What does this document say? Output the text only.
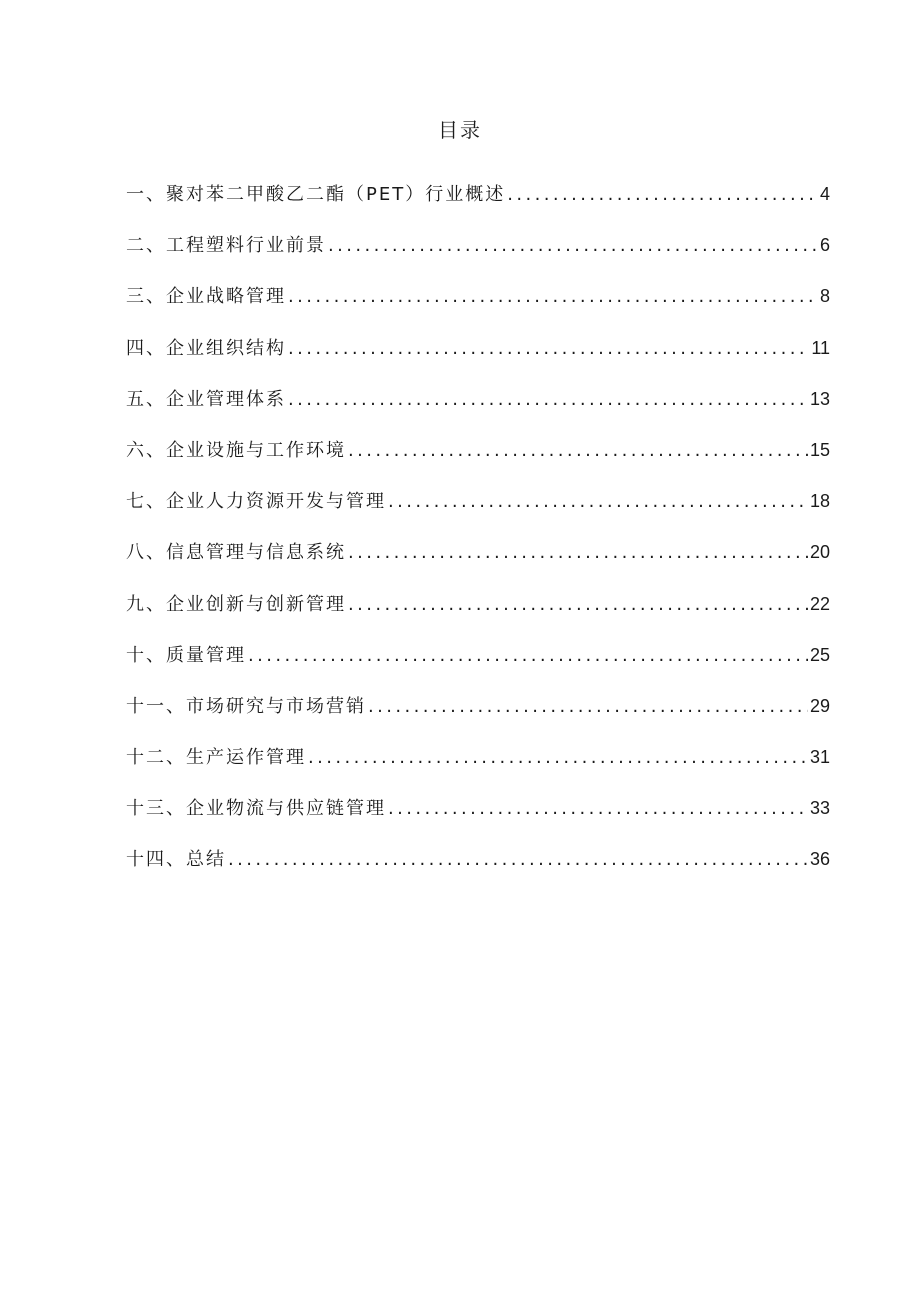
目录
一、聚对苯二甲酸乙二酯（PET）行业概述 .....	4
二、工程塑料行业前景 .....	6
三、企业战略管理 .....	8
四、企业组织结构 .....	11
五、企业管理体系 .....	13
六、企业设施与工作环境 .....	15
七、企业人力资源开发与管理 .....	18
八、信息管理与信息系统 .....	20
九、企业创新与创新管理 .....	22
十、质量管理 .....	25
十一、市场研究与市场营销 .....	29
十二、生产运作管理 .....	31
十三、企业物流与供应链管理 .....	33
十四、总结 .....	36
